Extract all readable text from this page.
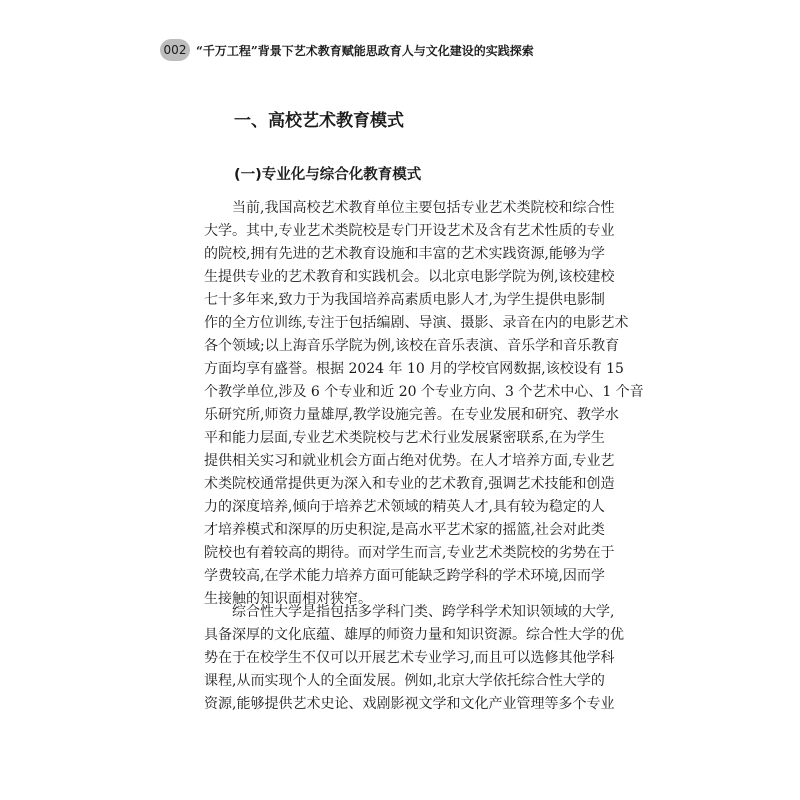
002 “千万工程”背景下艺术教育赋能思政育人与文化建设的实践探索
一、高校艺术教育模式
(一)专业化与综合化教育模式
当前,我国高校艺术教育单位主要包括专业艺术类院校和综合性
大学。其中,专业艺术类院校是专门开设艺术及含有艺术性质的专业
的院校,拥有先进的艺术教育设施和丰富的艺术实践资源,能够为学
生提供专业的艺术教育和实践机会。以北京电影学院为例,该校建校
七十多年来,致力于为我国培养高素质电影人才,为学生提供电影制
作的全方位训练,专注于包括编剧、导演、摄影、录音在内的电影艺术
各个领域;以上海音乐学院为例,该校在音乐表演、音乐学和音乐教育
方面均享有盛誉。根据 2024 年 10 月的学校官网数据,该校设有 15
个教学单位,涉及 6 个专业和近 20 个专业方向、3 个艺术中心、1 个音
乐研究所,师资力量雄厚,教学设施完善。在专业发展和研究、教学水
平和能力层面,专业艺术类院校与艺术行业发展紧密联系,在为学生
提供相关实习和就业机会方面占绝对优势。在人才培养方面,专业艺
术类院校通常提供更为深入和专业的艺术教育,强调艺术技能和创造
力的深度培养,倾向于培养艺术领域的精英人才,具有较为稳定的人
才培养模式和深厚的历史积淀,是高水平艺术家的摇篮,社会对此类
院校也有着较高的期待。而对学生而言,专业艺术类院校的劣势在于
学费较高,在学术能力培养方面可能缺乏跨学科的学术环境,因而学
生接触的知识面相对狭窄。
综合性大学是指包括多学科门类、跨学科学术知识领域的大学,
具备深厚的文化底蕴、雄厚的师资力量和知识资源。综合性大学的优
势在于在校学生不仅可以开展艺术专业学习,而且可以选修其他学科
课程,从而实现个人的全面发展。例如,北京大学依托综合性大学的
资源,能够提供艺术史论、戏剧影视文学和文化产业管理等多个专业
